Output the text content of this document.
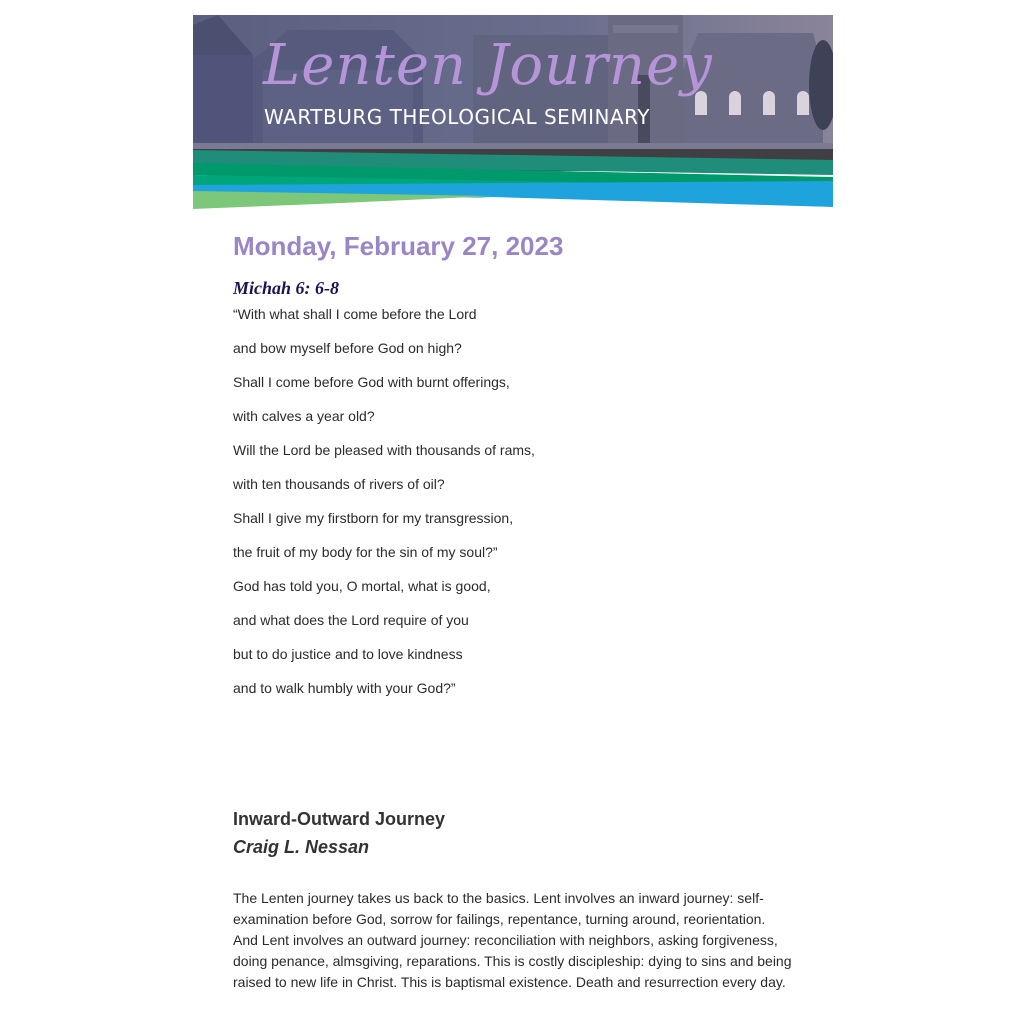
Lenten Journey
WARTBURG THEOLOGICAL SEMINARY
Monday, February 27, 2023
Michah 6: 6-8

“With what shall I come before the Lord

and bow myself before God on high?

Shall I come before God with burnt offerings,

with calves a year old?

Will the Lord be pleased with thousands of rams,

with ten thousands of rivers of oil?

Shall I give my firstborn for my transgression,

the fruit of my body for the sin of my soul?”

God has told you, O mortal, what is good,

and what does the Lord require of you

but to do justice and to love kindness

and to walk humbly with your God?”

Inward-Outward Journey
Craig L. Nessan
The Lenten journey takes us back to the basics. Lent involves an inward journey: self-examination before God, sorrow for failings, repentance, turning around, reorientation. And Lent involves an outward journey: reconciliation with neighbors, asking forgiveness, doing penance, almsgiving, reparations. This is costly discipleship: dying to sins and being raised to new life in Christ. This is baptismal existence. Death and resurrection every day.
